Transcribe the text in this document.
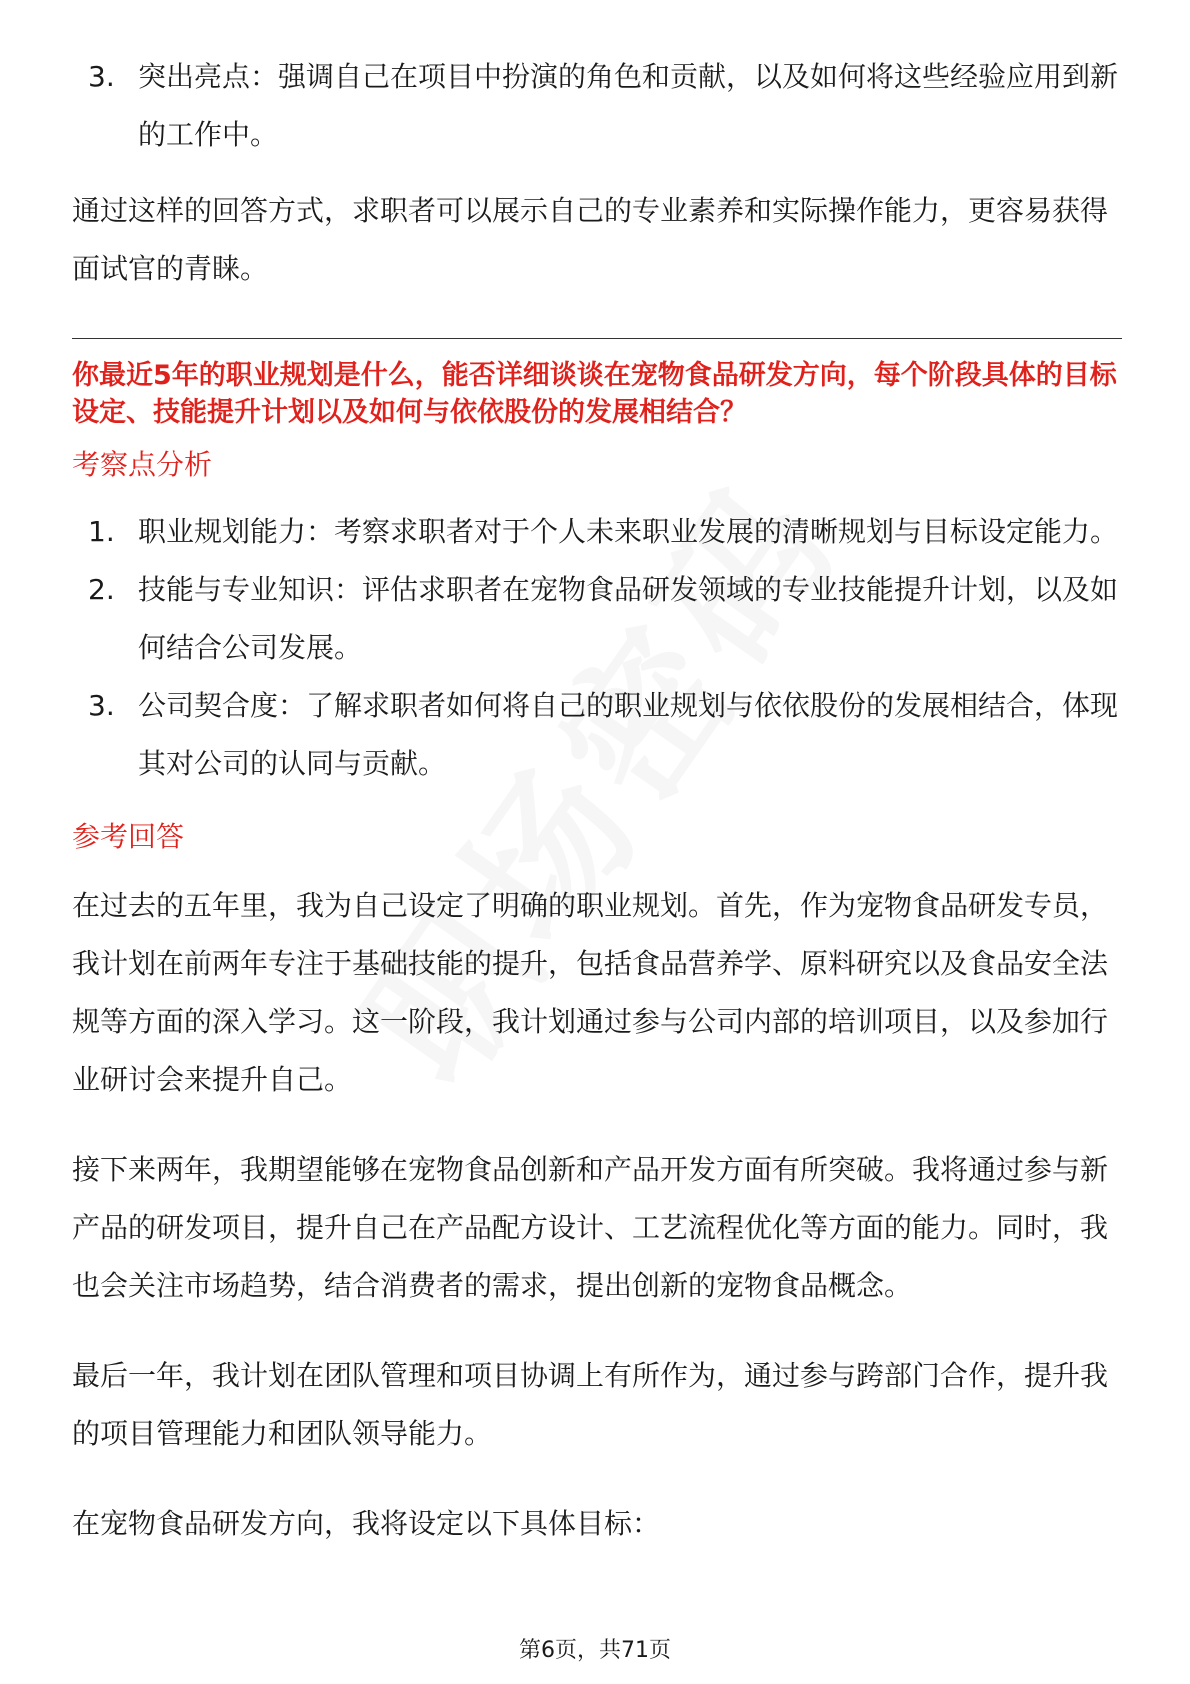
3. 突出亮点：强调自己在项目中扮演的角色和贡献，以及如何将这些经验应用到新的工作中。

通过这样的回答方式，求职者可以展示自己的专业素养和实际操作能力，更容易获得面试官的青睐。

你最近5年的职业规划是什么，能否详细谈谈在宠物食品研发方向，每个阶段具体的目标设定、技能提升计划以及如何与依依股份的发展相结合？

考察点分析

1. 职业规划能力：考察求职者对于个人未来职业发展的清晰规划与目标设定能力。
2. 技能与专业知识：评估求职者在宠物食品研发领域的专业技能提升计划，以及如何结合公司发展。
3. 公司契合度：了解求职者如何将自己的职业规划与依依股份的发展相结合，体现其对公司的认同与贡献。

参考回答

在过去的五年里，我为自己设定了明确的职业规划。首先，作为宠物食品研发专员，我计划在前两年专注于基础技能的提升，包括食品营养学、原料研究以及食品安全法规等方面的深入学习。这一阶段，我计划通过参与公司内部的培训项目，以及参加行业研讨会来提升自己。

接下来两年，我期望能够在宠物食品创新和产品开发方面有所突破。我将通过参与新产品的研发项目，提升自己在产品配方设计、工艺流程优化等方面的能力。同时，我也会关注市场趋势，结合消费者的需求，提出创新的宠物食品概念。

最后一年，我计划在团队管理和项目协调上有所作为，通过参与跨部门合作，提升我的项目管理能力和团队领导能力。

在宠物食品研发方向，我将设定以下具体目标：

第6页，共71页
